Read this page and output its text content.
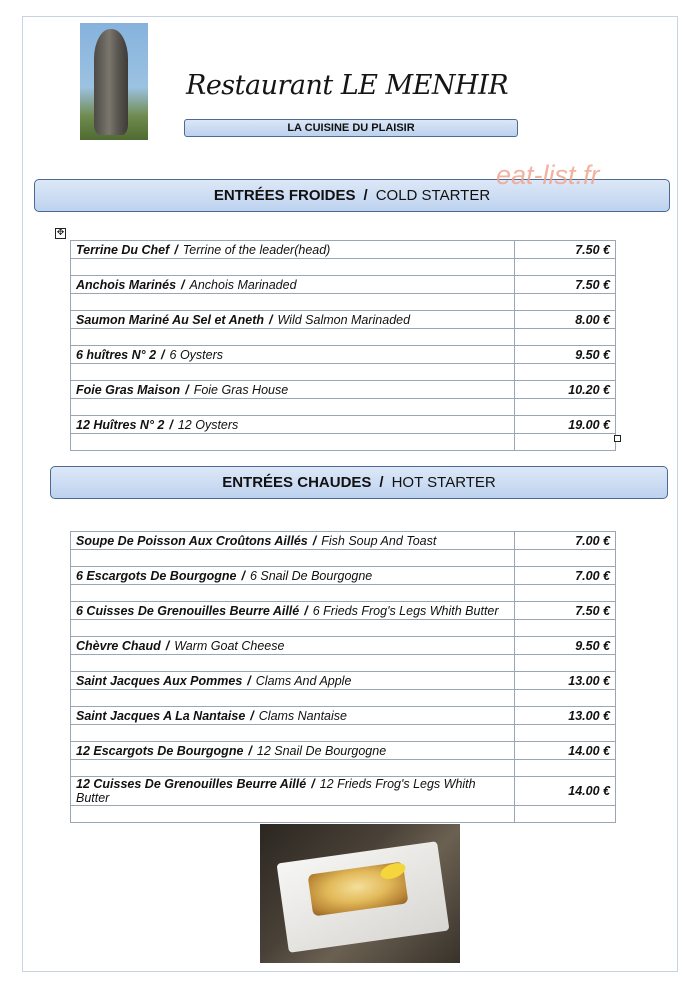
Restaurant LE MENHIR
LA CUISINE DU PLAISIR
ENTRÉES FROIDES / COLD STARTER
eat-list.fr
✥
Terrine Du Chef / Terrine of the leader(head)	7.50 €

Anchois Marinés / Anchois Marinaded	7.50 €

Saumon Mariné Au Sel et Aneth / Wild Salmon Marinaded	8.00 €

6 huîtres N° 2 / 6 Oysters	9.50 €

Foie Gras Maison / Foie Gras House	10.20 €

12 Huîtres N° 2 / 12 Oysters	19.00 €

ENTRÉES CHAUDES / HOT STARTER
Soupe De Poisson Aux Croûtons Aillés / Fish Soup And Toast	7.00 €

6 Escargots De Bourgogne / 6 Snail De Bourgogne	7.00 €

6 Cuisses De Grenouilles Beurre Aillé / 6 Frieds Frog's Legs Whith Butter	7.50 €

Chèvre Chaud / Warm Goat Cheese	9.50 €

Saint Jacques Aux Pommes / Clams And Apple	13.00 €

Saint Jacques A La Nantaise / Clams Nantaise	13.00 €

12 Escargots De Bourgogne / 12 Snail De Bourgogne	14.00 €

12 Cuisses De Grenouilles Beurre Aillé / 12 Frieds Frog's Legs Whith Butter	14.00 €
